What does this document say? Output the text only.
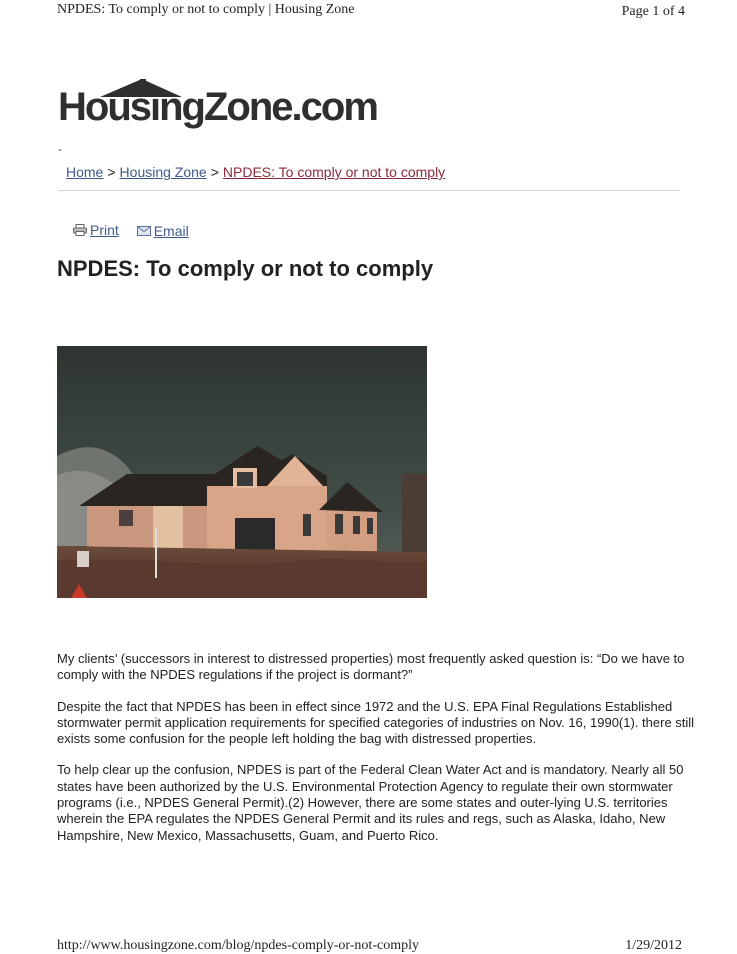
NPDES: To comply or not to comply | Housing Zone	Page 1 of 4
HousingZone.com
-
Home > Housing Zone > NPDES: To comply or not to comply
Print
Email
NPDES: To comply or not to comply

My clients’ (successors in interest to distressed properties) most frequently asked question is: “Do we have to comply with the NPDES regulations if the project is dormant?”

Despite the fact that NPDES has been in effect since 1972 and the U.S. EPA Final Regulations Established stormwater permit application requirements for specified categories of industries on Nov. 16, 1990(1). there still exists some confusion for the people left holding the bag with distressed properties.

To help clear up the confusion, NPDES is part of the Federal Clean Water Act and is mandatory. Nearly all 50 states have been authorized by the U.S. Environmental Protection Agency to regulate their own stormwater programs (i.e., NPDES General Permit).(2) However, there are some states and outer-lying U.S. territories wherein the EPA regulates the NPDES General Permit and its rules and regs, such as Alaska, Idaho, New Hampshire, New Mexico, Massachusetts, Guam, and Puerto Rico.

http://www.housingzone.com/blog/npdes-comply-or-not-comply	1/29/2012
